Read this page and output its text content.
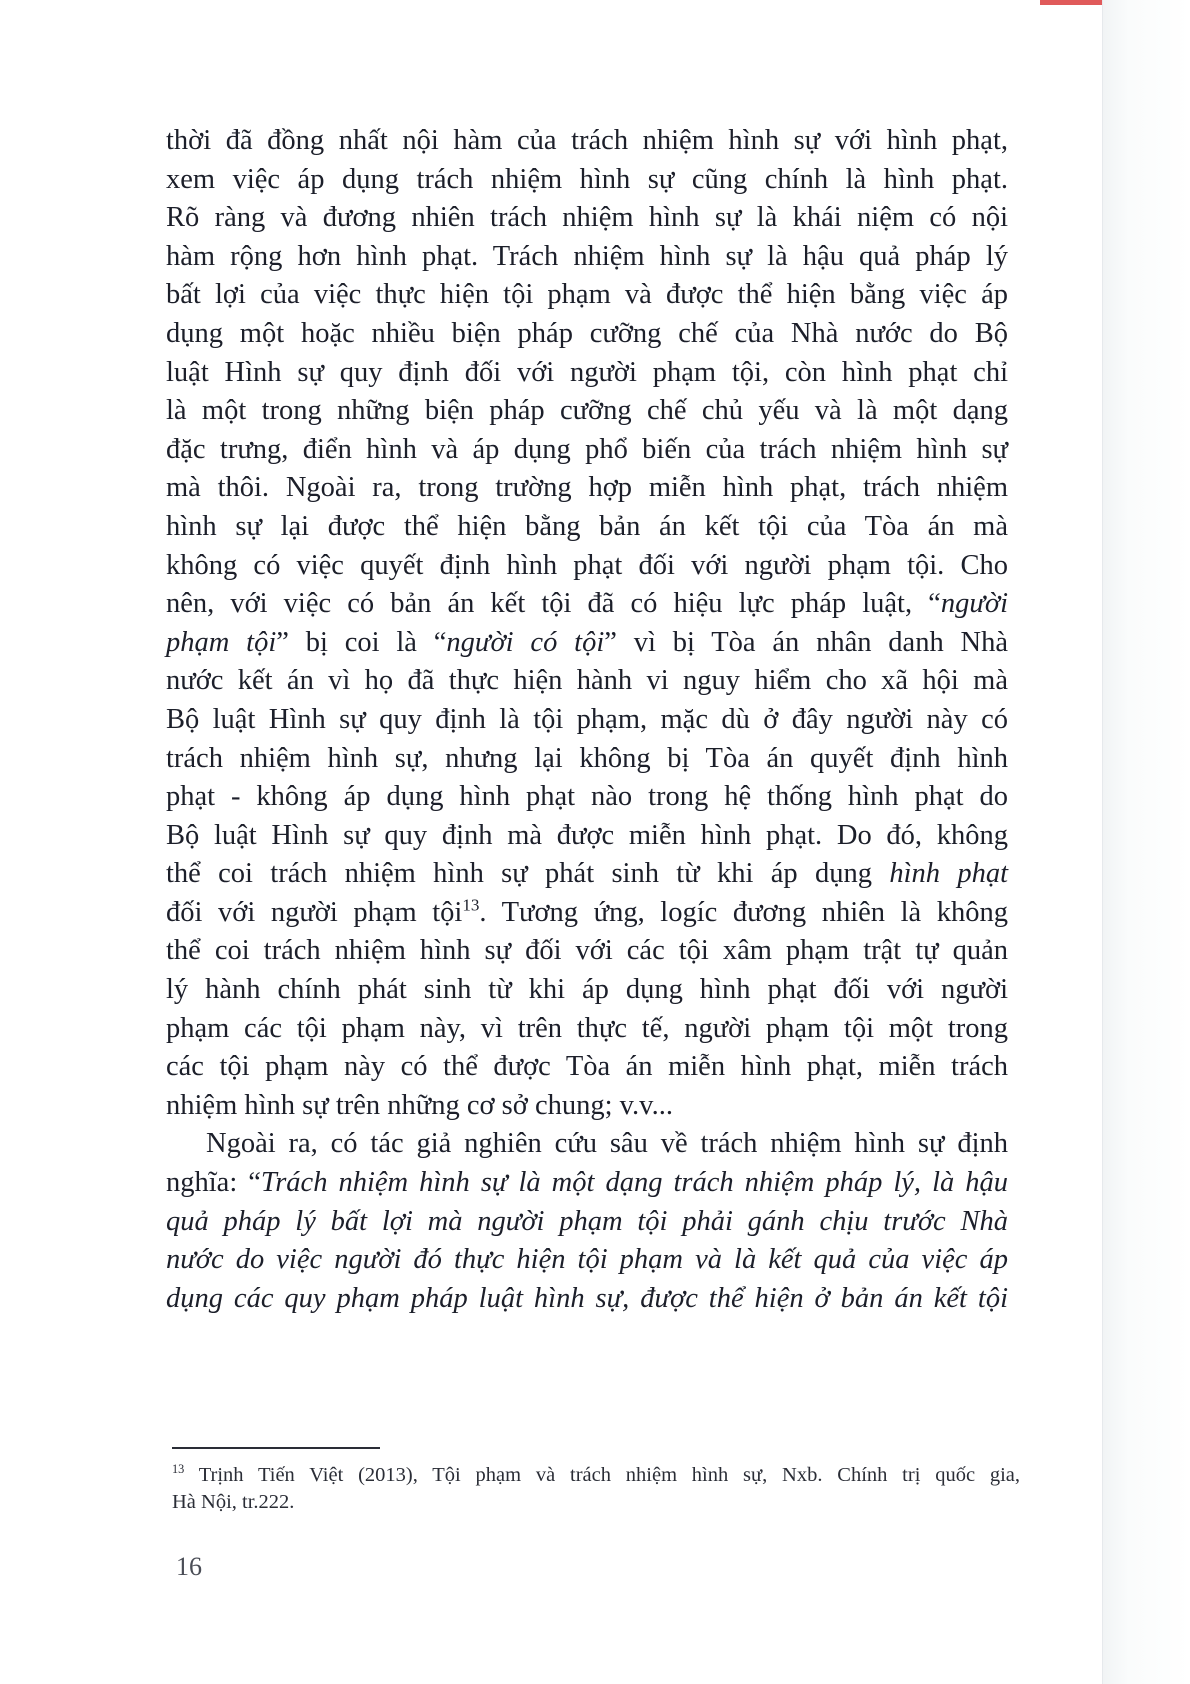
thời đã đồng nhất nội hàm của trách nhiệm hình sự với hình phạt,
xem việc áp dụng trách nhiệm hình sự cũng chính là hình phạt.
Rõ ràng và đương nhiên trách nhiệm hình sự là khái niệm có nội
hàm rộng hơn hình phạt. Trách nhiệm hình sự là hậu quả pháp lý
bất lợi của việc thực hiện tội phạm và được thể hiện bằng việc áp
dụng một hoặc nhiều biện pháp cưỡng chế của Nhà nước do Bộ
luật Hình sự quy định đối với người phạm tội, còn hình phạt chỉ
là một trong những biện pháp cưỡng chế chủ yếu và là một dạng
đặc trưng, điển hình và áp dụng phổ biến của trách nhiệm hình sự
mà thôi. Ngoài ra, trong trường hợp miễn hình phạt, trách nhiệm
hình sự lại được thể hiện bằng bản án kết tội của Tòa án mà
không có việc quyết định hình phạt đối với người phạm tội. Cho
nên, với việc có bản án kết tội đã có hiệu lực pháp luật, “người
phạm tội” bị coi là “người có tội” vì bị Tòa án nhân danh Nhà
nước kết án vì họ đã thực hiện hành vi nguy hiểm cho xã hội mà
Bộ luật Hình sự quy định là tội phạm, mặc dù ở đây người này có
trách nhiệm hình sự, nhưng lại không bị Tòa án quyết định hình
phạt - không áp dụng hình phạt nào trong hệ thống hình phạt do
Bộ luật Hình sự quy định mà được miễn hình phạt. Do đó, không
thể coi trách nhiệm hình sự phát sinh từ khi áp dụng hình phạt
đối với người phạm tội$^{13}$. Tương ứng, logíc đương nhiên là không
thể coi trách nhiệm hình sự đối với các tội xâm phạm trật tự quản
lý hành chính phát sinh từ khi áp dụng hình phạt đối với người
phạm các tội phạm này, vì trên thực tế, người phạm tội một trong
các tội phạm này có thể được Tòa án miễn hình phạt, miễn trách
nhiệm hình sự trên những cơ sở chung; v.v...
Ngoài ra, có tác giả nghiên cứu sâu về trách nhiệm hình sự định
nghĩa: “Trách nhiệm hình sự là một dạng trách nhiệm pháp lý, là hậu
quả pháp lý bất lợi mà người phạm tội phải gánh chịu trước Nhà
nước do việc người đó thực hiện tội phạm và là kết quả của việc áp
dụng các quy phạm pháp luật hình sự, được thể hiện ở bản án kết tội
$^{13}$ Trịnh Tiến Việt (2013), Tội phạm và trách nhiệm hình sự, Nxb. Chính trị quốc gia,
Hà Nội, tr.222.
16
